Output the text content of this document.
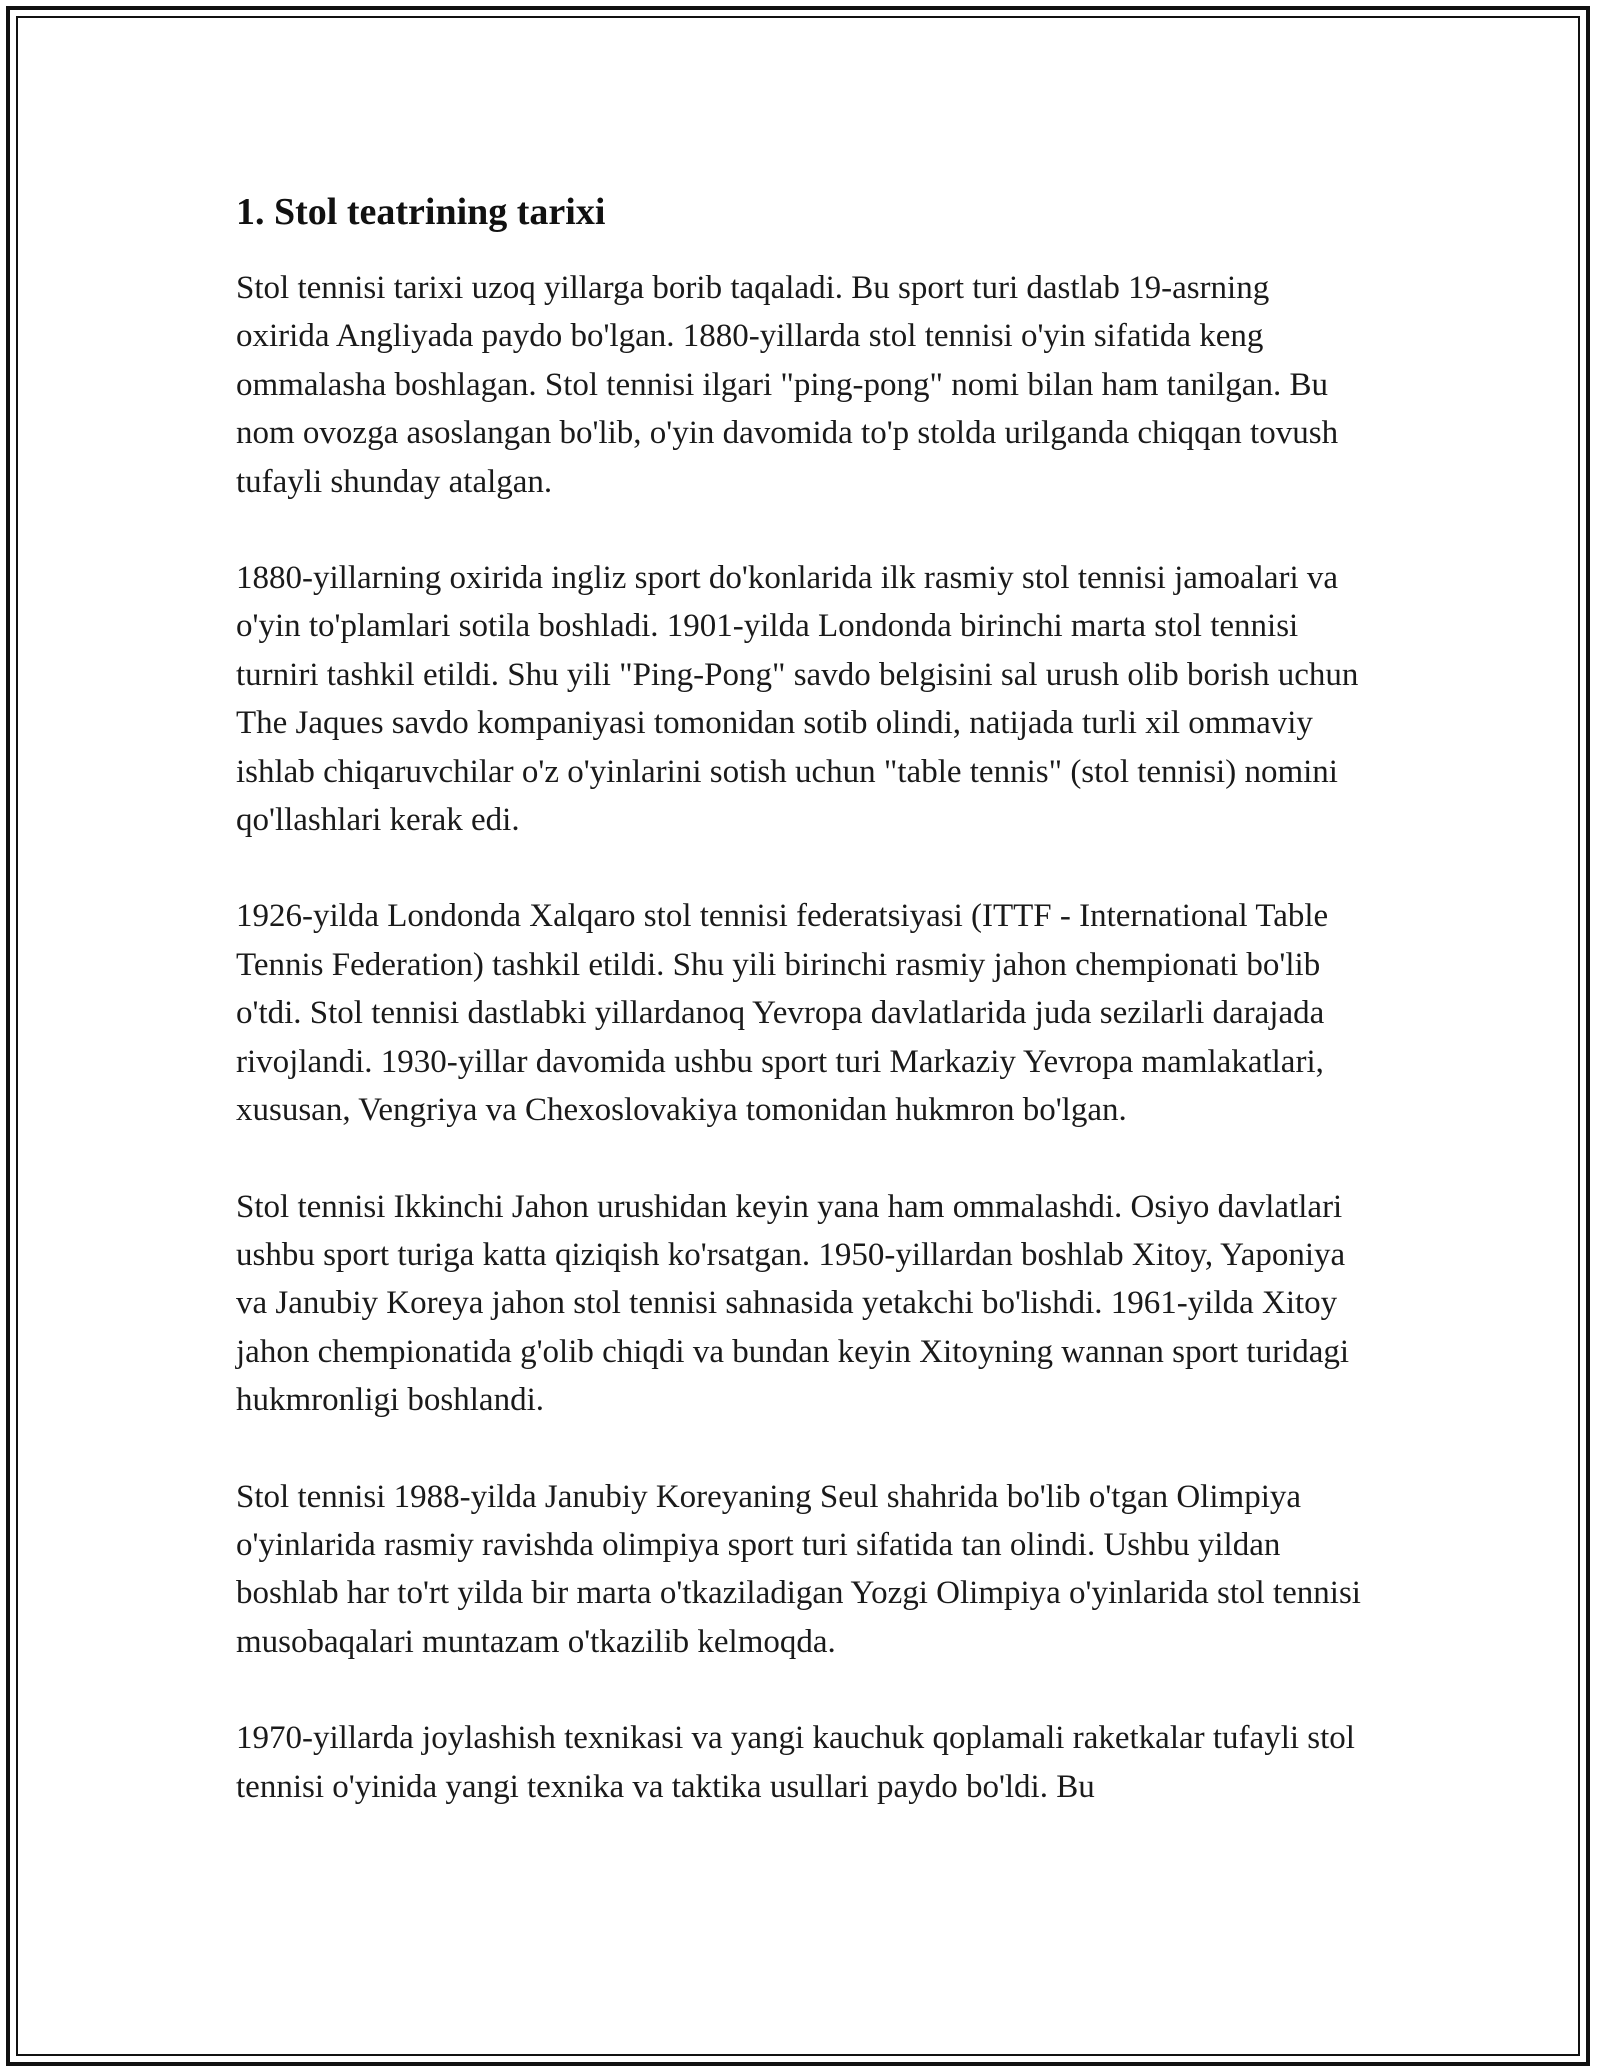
1. Stol teatrining tarixi

Stol tennisi tarixi uzoq yillarga borib taqaladi. Bu sport turi dastlab 19-asrning oxirida Angliyada paydo bo'lgan. 1880-yillarda stol tennisi o'yin sifatida keng ommalasha boshlagan. Stol tennisi ilgari "ping-pong" nomi bilan ham tanilgan. Bu nom ovozga asoslangan bo'lib, o'yin davomida to'p stolda urilganda chiqqan tovush tufayli shunday atalgan.

1880-yillarning oxirida ingliz sport do'konlarida ilk rasmiy stol tennisi jamoalari va o'yin to'plamlari sotila boshladi. 1901-yilda Londonda birinchi marta stol tennisi turniri tashkil etildi. Shu yili "Ping-Pong" savdo belgisini sal urush olib borish uchun The Jaques savdo kompaniyasi tomonidan sotib olindi, natijada turli xil ommaviy ishlab chiqaruvchilar o'z o'yinlarini sotish uchun "table tennis" (stol tennisi) nomini qo'llashlari kerak edi.

1926-yilda Londonda Xalqaro stol tennisi federatsiyasi (ITTF - International Table Tennis Federation) tashkil etildi. Shu yili birinchi rasmiy jahon chempionati bo'lib o'tdi. Stol tennisi dastlabki yillardanoq Yevropa davlatlarida juda sezilarli darajada rivojlandi. 1930-yillar davomida ushbu sport turi Markaziy Yevropa mamlakatlari, xususan, Vengriya va Chexoslovakiya tomonidan hukmron bo'lgan.

Stol tennisi Ikkinchi Jahon urushidan keyin yana ham ommalashdi. Osiyo davlatlari ushbu sport turiga katta qiziqish ko'rsatgan. 1950-yillardan boshlab Xitoy, Yaponiya va Janubiy Koreya jahon stol tennisi sahnasida yetakchi bo'lishdi. 1961-yilda Xitoy jahon chempionatida g'olib chiqdi va bundan keyin Xitoyning wannan sport turidagi hukmronligi boshlandi.

Stol tennisi 1988-yilda Janubiy Koreyaning Seul shahrida bo'lib o'tgan Olimpiya o'yinlarida rasmiy ravishda olimpiya sport turi sifatida tan olindi. Ushbu yildan boshlab har to'rt yilda bir marta o'tkaziladigan Yozgi Olimpiya o'yinlarida stol tennisi musobaqalari muntazam o'tkazilib kelmoqda.

1970-yillarda joylashish texnikasi va yangi kauchuk qoplamali raketkalar tufayli stol tennisi o'yinida yangi texnika va taktika usullari paydo bo'ldi. Bu
